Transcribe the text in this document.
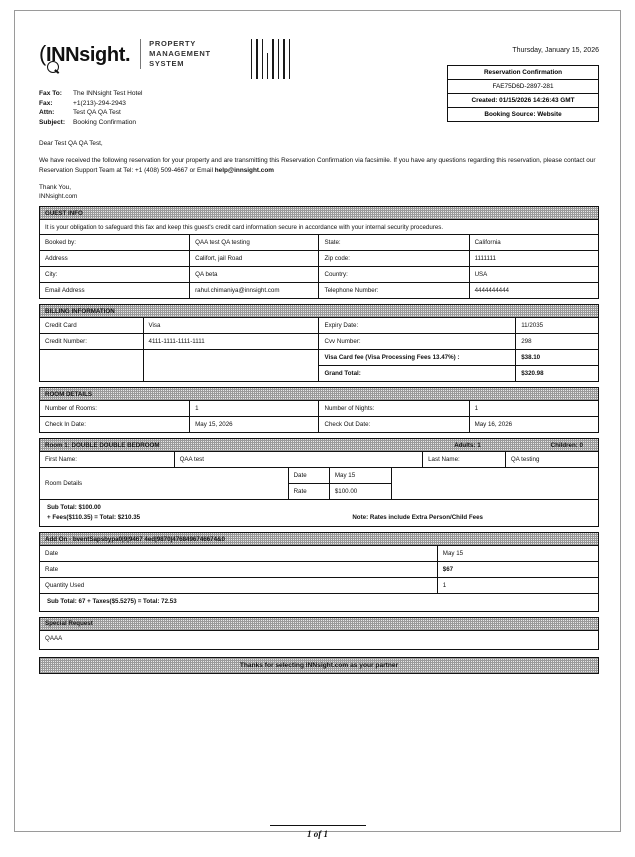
(INNsight.
PROPERTY
MANAGEMENT
SYSTEM
Thursday, January 15, 2026
Fax To:	The INNsight Test Hotel
Fax:	+1(213)-294-2943
Attn:	Test QA QA Test
Subject:	Booking Confirmation
Reservation Confirmation
FAE75D6D-2897-281
Created: 01/15/2026 14:26:43 GMT
Booking Source: Website
Dear Test QA QA Test,
We have received the following reservation for your property and are transmitting this Reservation Confirmation via facsimile. If you have any questions regarding this reservation, please contact our Reservation Support Team at Tel: +1 (408) 509-4667 or Email help@innsight.com
Thank You,
INNsight.com
GUEST INFO
It is your obligation to safeguard this fax and keep this guest's credit card information secure in accordance with your internal security procedures.
Booked by:	QAA test QA testing	State:	California
Address	Califort, jail Road	Zip code:	1111111
City:	QA beta	Country:	USA
Email Address	rahul.chimaniya@innsight.com	Telephone Number:	4444444444
BILLING INFORMATION
Credit Card	Visa	Expiry Date:	11/2035
Credit Number:	4111-1111-1111-1111	Cvv Number:	298
		Visa Card fee (Visa Processing Fees 13.47%) :	$38.10
		Grand Total:	$320.98
ROOM DETAILS
Number of Rooms:	1	Number of Nights:	1
Check In Date:	May 15, 2026	Check Out Date:	May 16, 2026
Room 1: DOUBLE DOUBLE BEDROOM	Adults: 1	Children: 0
First Name:	QAA test	Last Name:	QA testing
Room Details	Date	May 15	
	Rate	$100.00	
Sub Total: $100.00
+ Fees($110.35) = Total: $210.35	Note: Rates include Extra Person/Child Fees
Add On - bventSapsbypa0|9|9467 4ed|9870|4768496746674&0
Date	May 15
Rate	$67
Quantity Used	1
Sub Total: 67 + Taxes($5.5275) = Total: 72.53
Special Request
QAAA
Thanks for selecting INNsight.com as your partner
1 of 1
